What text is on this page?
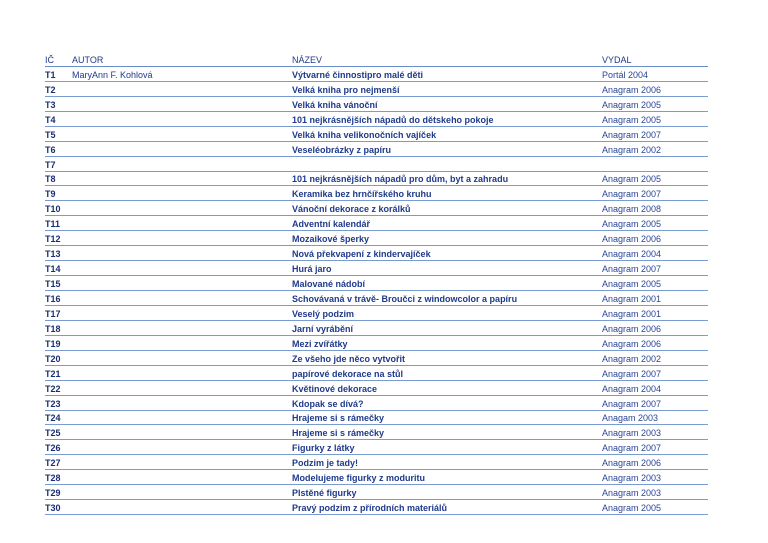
IČ	AUTOR	NÁZEV	VYDAL
T1	MaryAnn F. Kohlová	Výtvarné činnostipro malé děti	Portál 2004
T2		Velká kniha pro nejmenší	Anagram 2006
T3		Velká kniha vánoční	Anagram 2005
T4		101 nejkrásnějších nápadů do dětskeho pokoje	Anagram 2005
T5		Velká kniha velikonočních vajíček	Anagram 2007
T6		Veseléobrázky z papíru	Anagram 2002
T7			
T8		101 nejkrásnějších nápadů pro dům, byt a zahradu	Anagram 2005
T9		Keramika bez hrnčířského kruhu	Anagram 2007
T10		Vánoční dekorace z korálků	Anagram 2008
T11		Adventní kalendář	Anagram 2005
T12		Mozaikové šperky	Anagram 2006
T13		Nová překvapení z kindervajíček	Anagram 2004
T14		Hurá jaro	Anagram 2007
T15		Malované nádobí	Anagram 2005
T16		Schovávaná v trávě- Broučci z windowcolor a papíru	Anagram 2001
T17		Veselý podzim	Anagram 2001
T18		Jarní vyrábění	Anagram 2006
T19		Mezi zvířátky	Anagram 2006
T20		Ze všeho jde něco vytvořit	Anagram 2002
T21		papírové dekorace na stůl	Anagram 2007
T22		Květinové dekorace	Anagram 2004
T23		Kdopak se dívá?	Anagram 2007
T24		Hrajeme si s rámečky	Anagam 2003
T25		Hrajeme si s rámečky	Anagram 2003
T26		Figurky z látky	Anagram 2007
T27		Podzim je tady!	Anagram 2006
T28		Modelujeme figurky z moduritu	Anagram 2003
T29		Plstěné figurky	Anagram 2003
T30		Pravý podzim z přírodních materiálů	Anagram 2005
